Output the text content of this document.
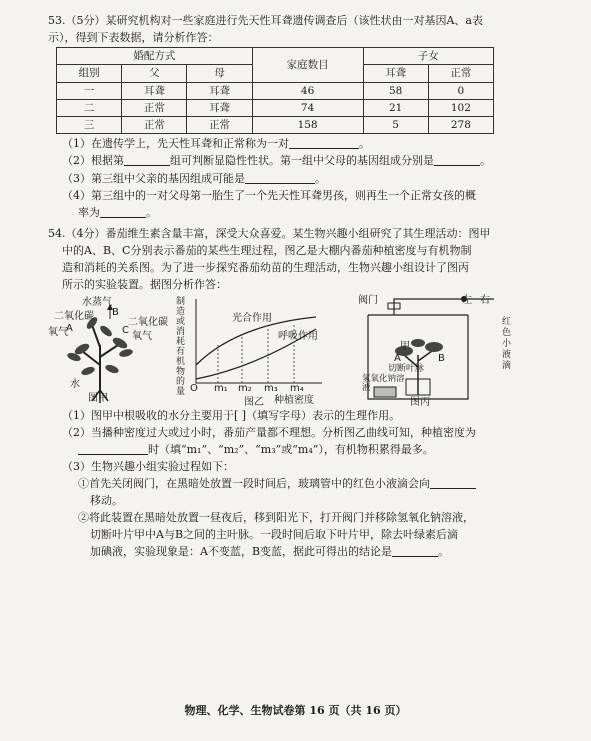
53.（5分）某研究机构对一些家庭进行先天性耳聋遗传调查后（该性状由一对基因A、a表
示），得到下表数据，请分析作答：
婚配方式			家庭数目	子女	
组别	父	母		耳聋	正常
一	耳聋	耳聋	46	58	0
二	正常	耳聋	74	21	102
三	正常	正常	158	5	278
（1）在遗传学上，先天性耳聋和正常称为一对	。
（2）根据第	组可判断显隐性性状。第一组中父母的基因组成分别是	。
（3）第三组中父亲的基因组成可能是	。
（4）第三组中的一对父母第一胎生了一个先天性耳聋男孩，则再生一个正常女孩的概
率为	。
54.（4分）番茄维生素含量丰富，深受大众喜爱。某生物兴趣小组研究了其生理活动：图甲
中的A、B、C分别表示番茄的某些生理过程，图乙是大棚内番茄种植密度与有机物制
造和消耗的关系图。为了进一步探究番茄幼苗的生理活动，生物兴趣小组设计了图丙
所示的实验装置。据图分析作答：
水蒸气
二氧化碳
氧气
A
B
C
二氧化碳
氧气
水
图甲
制造或消耗有机物的量
光合作用
呼吸作用
O m₁ m₂ m₃ m₄
种植密度
图乙
阀门	左 右
红色小液滴
甲
A	B
切断叶脉
氢氧化钠溶液
图丙
（1）图甲中根吸收的水分主要用于[ ]（填写字母）表示的生理作用。
（2）当播种密度过大或过小时，番茄产量都不理想。分析图乙曲线可知，种植密度为
时（填“m₁”、“m₂”、“m₃”或“m₄”），有机物积累得最多。
（3）生物兴趣小组实验过程如下：
①首先关闭阀门，在黑暗处放置一段时间后，玻璃管中的红色小液滴会向
移动。
②将此装置在黑暗处放置一昼夜后，移到阳光下，打开阀门并移除氢氧化钠溶液，
切断叶片甲中A与B之间的主叶脉。一段时间后取下叶片甲，除去叶绿素后滴
加碘液，实验现象是：A不变蓝，B变蓝，据此可得出的结论是	。
物理、化学、生物试卷第 16 页（共 16 页）
